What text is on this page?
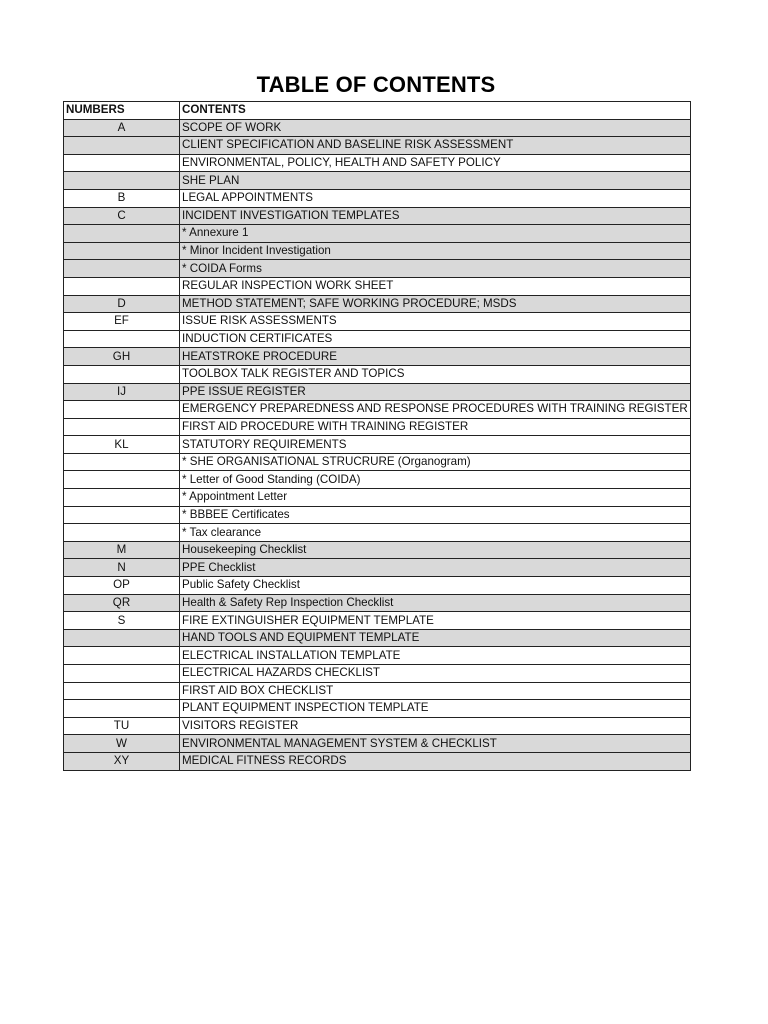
TABLE OF CONTENTS
NUMBERS	CONTENTS
A	SCOPE OF WORK
	CLIENT SPECIFICATION AND BASELINE RISK ASSESSMENT
	ENVIRONMENTAL, POLICY, HEALTH AND SAFETY POLICY
	SHE PLAN
B	LEGAL APPOINTMENTS
C	INCIDENT INVESTIGATION TEMPLATES
	* Annexure 1
	* Minor Incident Investigation
	* COIDA Forms
	REGULAR INSPECTION WORK SHEET
D	METHOD STATEMENT; SAFE WORKING PROCEDURE; MSDS
EF	ISSUE RISK ASSESSMENTS
	INDUCTION CERTIFICATES
GH	HEATSTROKE PROCEDURE
	TOOLBOX TALK REGISTER AND TOPICS
IJ	PPE ISSUE REGISTER
	EMERGENCY PREPAREDNESS AND RESPONSE PROCEDURES WITH TRAINING REGISTER
	FIRST AID PROCEDURE WITH TRAINING REGISTER
KL	STATUTORY REQUIREMENTS
	* SHE ORGANISATIONAL STRUCRURE (Organogram)
	* Letter of Good Standing (COIDA)
	* Appointment Letter
	* BBBEE Certificates
	* Tax clearance
M	Housekeeping Checklist
N	PPE Checklist
OP	Public Safety Checklist
QR	Health & Safety Rep Inspection Checklist
S	FIRE EXTINGUISHER EQUIPMENT TEMPLATE
	HAND TOOLS AND EQUIPMENT TEMPLATE
	ELECTRICAL INSTALLATION TEMPLATE
	ELECTRICAL HAZARDS CHECKLIST
	FIRST AID BOX CHECKLIST
	PLANT EQUIPMENT INSPECTION TEMPLATE
TU	VISITORS REGISTER
W	ENVIRONMENTAL MANAGEMENT SYSTEM & CHECKLIST
XY	MEDICAL FITNESS RECORDS
